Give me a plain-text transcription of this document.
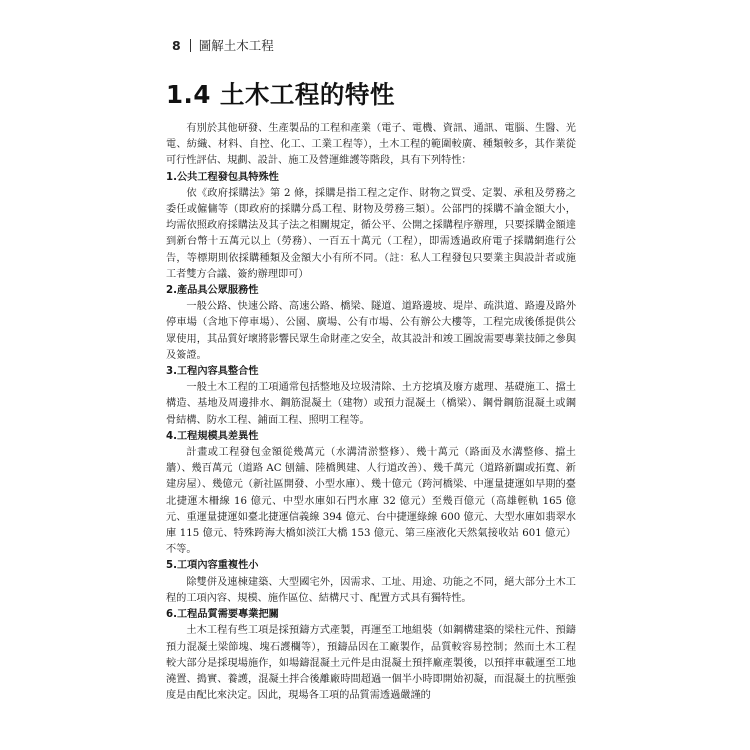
8 圖解土木工程
1.4 土木工程的特性

有別於其他研發、生產製品的工程和產業（電子、電機、資訊、通訊、電腦、生醫、光電、紡織、材料、自控、化工、工業工程等），土木工程的範圍較廣、種類較多，其作業從可行性評估、規劃、設計、施工及營運維護等階段，具有下列特性：

1.公共工程發包具特殊性

依《政府採購法》第 2 條，採購是指工程之定作、財物之買受、定製、承租及勞務之委任或僱傭等（即政府的採購分爲工程、財物及勞務三類）。公部門的採購不論金額大小，均需依照政府採購法及其子法之相關規定，循公平、公開之採購程序辦理，只要採購金額達到新台幣十五萬元以上（勞務）、一百五十萬元（工程），即需透過政府電子採購網進行公告，等標期則依採購種類及金額大小有所不同。（註：私人工程發包只要業主與設計者或施工者雙方合議、簽約辦理即可）

2.產品具公眾服務性

一般公路、快速公路、高速公路、橋梁、隧道、道路邊坡、堤岸、疏洪道、路邊及路外停車場（含地下停車場）、公園、廣場、公有市場、公有辦公大樓等，工程完成後係提供公眾使用，其品質好壞將影響民眾生命財產之安全，故其設計和竣工圖說需要專業技師之參與及簽證。

3.工程內容具整合性

一般土木工程的工項通常包括整地及垃圾清除、土方挖填及廢方處理、基礎施工、擋土構造、基地及周邊排水、鋼筋混凝土（建物）或預力混凝土（橋梁）、鋼骨鋼筋混凝土或鋼骨結構、防水工程、鋪面工程、照明工程等。

4.工程規模具差異性

計畫或工程發包金額從幾萬元（水溝清淤整修）、幾十萬元（路面及水溝整修、擋土牆）、幾百萬元（道路 AC 刨舖、陸橋興建、人行道改善）、幾千萬元（道路新闢或拓寬、新建房屋）、幾億元（新社區開發、小型水庫）、幾十億元（跨河橋梁、中運量捷運如早期的臺北捷運木柵線 16 億元、中型水庫如石門水庫 32 億元）至幾百億元（高雄輕軌 165 億元、重運量捷運如臺北捷運信義線 394 億元、台中捷運綠線 600 億元、大型水庫如翡翠水庫 115 億元、特殊跨海大橋如淡江大橋 153 億元、第三座液化天然氣接收站 601 億元）不等。

5.工項內容重複性小

除雙併及連棟建築、大型國宅外，因需求、工址、用途、功能之不同，絕大部分土木工程的工項內容、規模、施作區位、結構尺寸、配置方式具有獨特性。

6.工程品質需要專業把關

土木工程有些工項是採預鑄方式產製，再運至工地組裝（如鋼構建築的梁柱元件、預鑄預力混凝土梁節塊、塊石護欄等），預鑄品因在工廠製作，品質較容易控制；然而土木工程較大部分是採現場施作，如場鑄混凝土元件是由混凝土預拌廠產製後，以預拌車載運至工地澆置、搗實、養護，混凝土拌合後離廠時間超過一個半小時即開始初凝，而混凝土的抗壓強度是由配比來決定。因此，現場各工項的品質需透過嚴謹的
